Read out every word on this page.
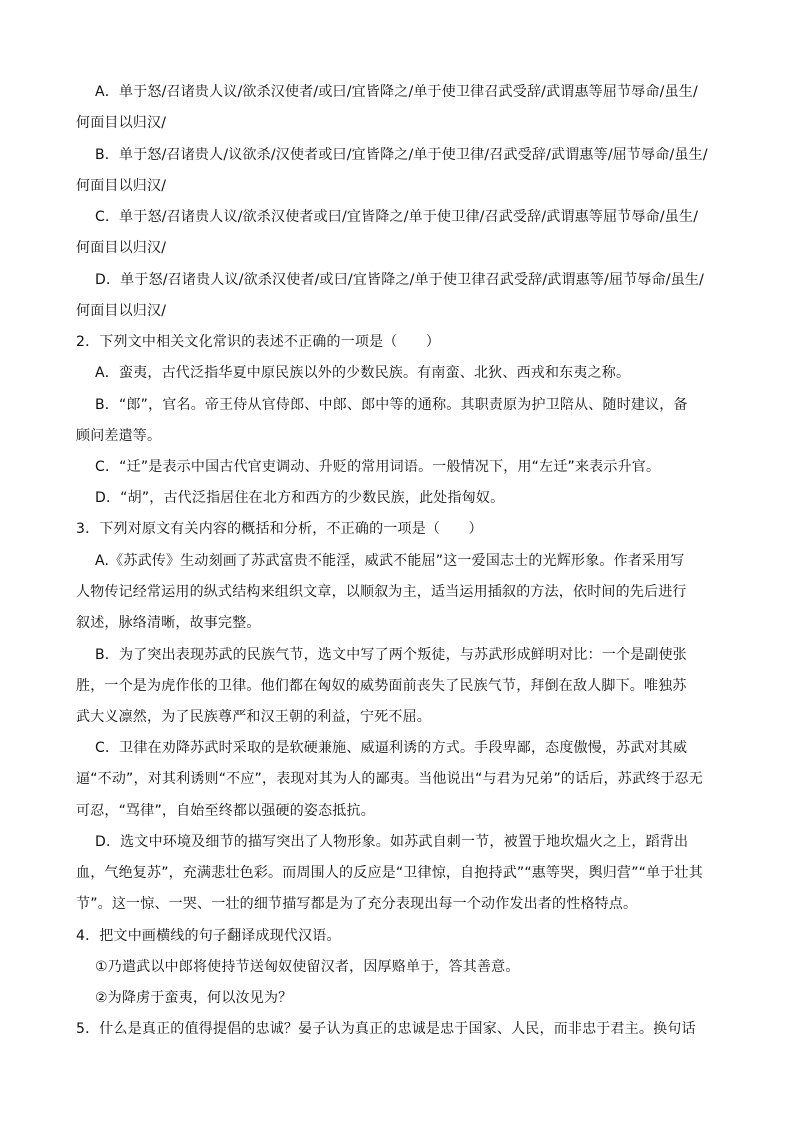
A．单于怒/召诸贵人议/欲杀汉使者/或曰/宜皆降之/单于使卫律召武受辞/武谓惠等屈节辱命/虽生/
何面目以归汉/
B．单于怒/召诸贵人/议欲杀/汉使者或曰/宜皆降之/单于使卫律/召武受辞/武谓惠等/屈节辱命/虽生/
何面目以归汉/
C．单于怒/召诸贵人议/欲杀汉使者或曰/宜皆降之/单于使卫律/召武受辞/武谓惠等屈节辱命/虽生/
何面目以归汉/
D．单于怒/召诸贵人议/欲杀汉使者/或曰/宜皆降之/单于使卫律召武受辞/武谓惠等/屈节辱命/虽生/
何面目以归汉/
2．下列文中相关文化常识的表述不正确的一项是（　　）
A．蛮夷，古代泛指华夏中原民族以外的少数民族。有南蛮、北狄、西戎和东夷之称。
B．“郎”，官名。帝王侍从官侍郎、中郎、郎中等的通称。其职责原为护卫陪从、随时建议，备
顾问差遣等。
C．“迁”是表示中国古代官吏调动、升贬的常用词语。一般情况下，用“左迁”来表示升官。
D．“胡”，古代泛指居住在北方和西方的少数民族，此处指匈奴。
3．下列对原文有关内容的概括和分析，不正确的一项是（　　）
A.《苏武传》生动刻画了苏武富贵不能淫，威武不能屈”这一爱国志士的光辉形象。作者采用写
人物传记经常运用的纵式结构来组织文章，以顺叙为主，适当运用插叙的方法，依时间的先后进行
叙述，脉络清晰，故事完整。
B．为了突出表现苏武的民族气节，选文中写了两个叛徒，与苏武形成鲜明对比：一个是副使张
胜，一个是为虎作伥的卫律。他们都在匈奴的威势面前丧失了民族气节，拜倒在敌人脚下。唯独苏
武大义凛然，为了民族尊严和汉王朝的利益，宁死不屈。
C．卫律在劝降苏武时采取的是软硬兼施、威逼利诱的方式。手段卑鄙，态度傲慢，苏武对其威
逼“不动”，对其利诱则“不应”，表现对其为人的鄙夷。当他说出“与君为兄弟”的话后，苏武终于忍无
可忍，“骂律”，自始至终都以强硬的姿态抵抗。
D．选文中环境及细节的描写突出了人物形象。如苏武自刺一节，被置于地坎煴火之上，蹈背出
血，气绝复苏”，充满悲壮色彩。而周围人的反应是“卫律惊，自抱持武”“惠等哭，舆归营”“单于壮其
节”。这一惊、一哭、一壮的细节描写都是为了充分表现出每一个动作发出者的性格特点。
4．把文中画横线的句子翻译成现代汉语。
①乃遣武以中郎将使持节送匈奴使留汉者，因厚赂单于，答其善意。
②为降虏于蛮夷，何以汝见为？
5．什么是真正的值得提倡的忠诚？晏子认为真正的忠诚是忠于国家、人民，而非忠于君主。换句话
